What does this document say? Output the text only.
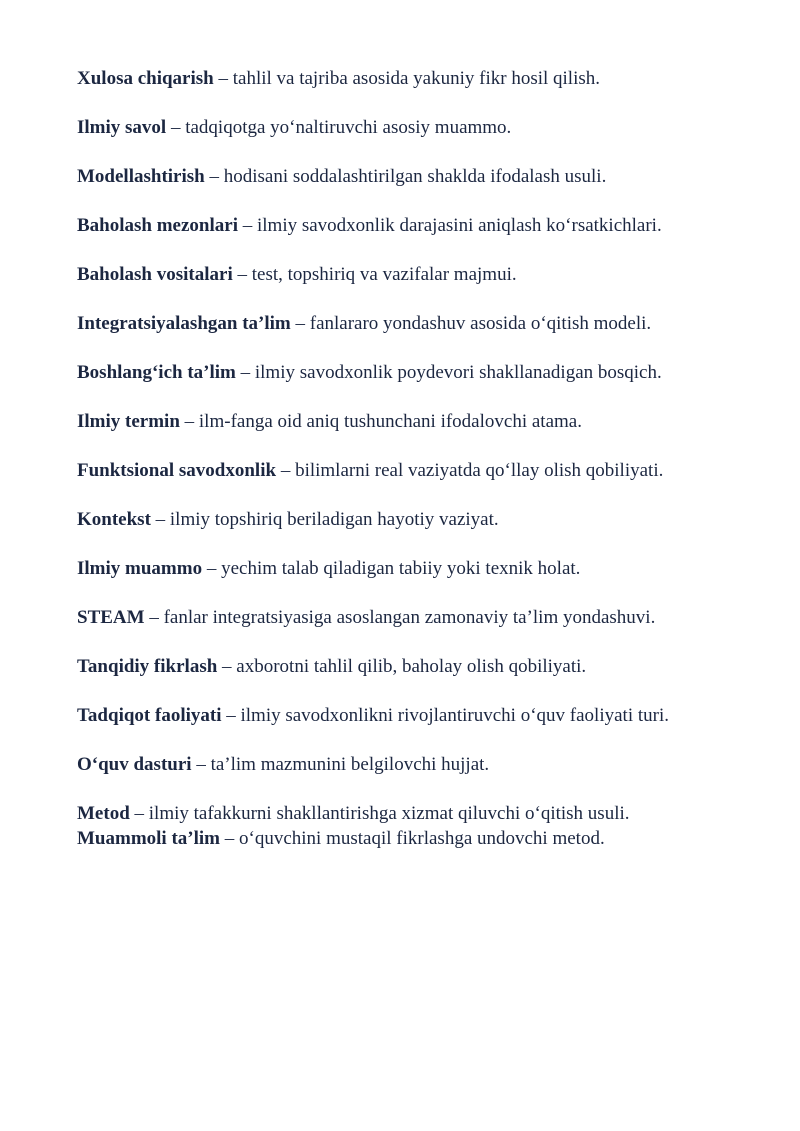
Xulosa chiqarish – tahlil va tajriba asosida yakuniy fikr hosil qilish.

Ilmiy savol – tadqiqotga yo‘naltiruvchi asosiy muammo.

Modellashtirish – hodisani soddalashtirilgan shaklda ifodalash usuli.

Baholash mezonlari – ilmiy savodxonlik darajasini aniqlash ko‘rsatkichlari.

Baholash vositalari – test, topshiriq va vazifalar majmui.

Integratsiyalashgan ta’lim – fanlararo yondashuv asosida o‘qitish modeli.

Boshlang‘ich ta’lim – ilmiy savodxonlik poydevori shakllanadigan bosqich.

Ilmiy termin – ilm-fanga oid aniq tushunchani ifodalovchi atama.

Funktsional savodxonlik – bilimlarni real vaziyatda qo‘llay olish qobiliyati.

Kontekst – ilmiy topshiriq beriladigan hayotiy vaziyat.

Ilmiy muammo – yechim talab qiladigan tabiiy yoki texnik holat.

STEAM – fanlar integratsiyasiga asoslangan zamonaviy ta’lim yondashuvi.

Tanqidiy fikrlash – axborotni tahlil qilib, baholay olish qobiliyati.

Tadqiqot faoliyati – ilmiy savodxonlikni rivojlantiruvchi o‘quv faoliyati turi.

O‘quv dasturi – ta’lim mazmunini belgilovchi hujjat.

Metod – ilmiy tafakkurni shakllantirishga xizmat qiluvchi o‘qitish usuli.

Muammoli ta’lim – o‘quvchini mustaqil fikrlashga undovchi metod.
